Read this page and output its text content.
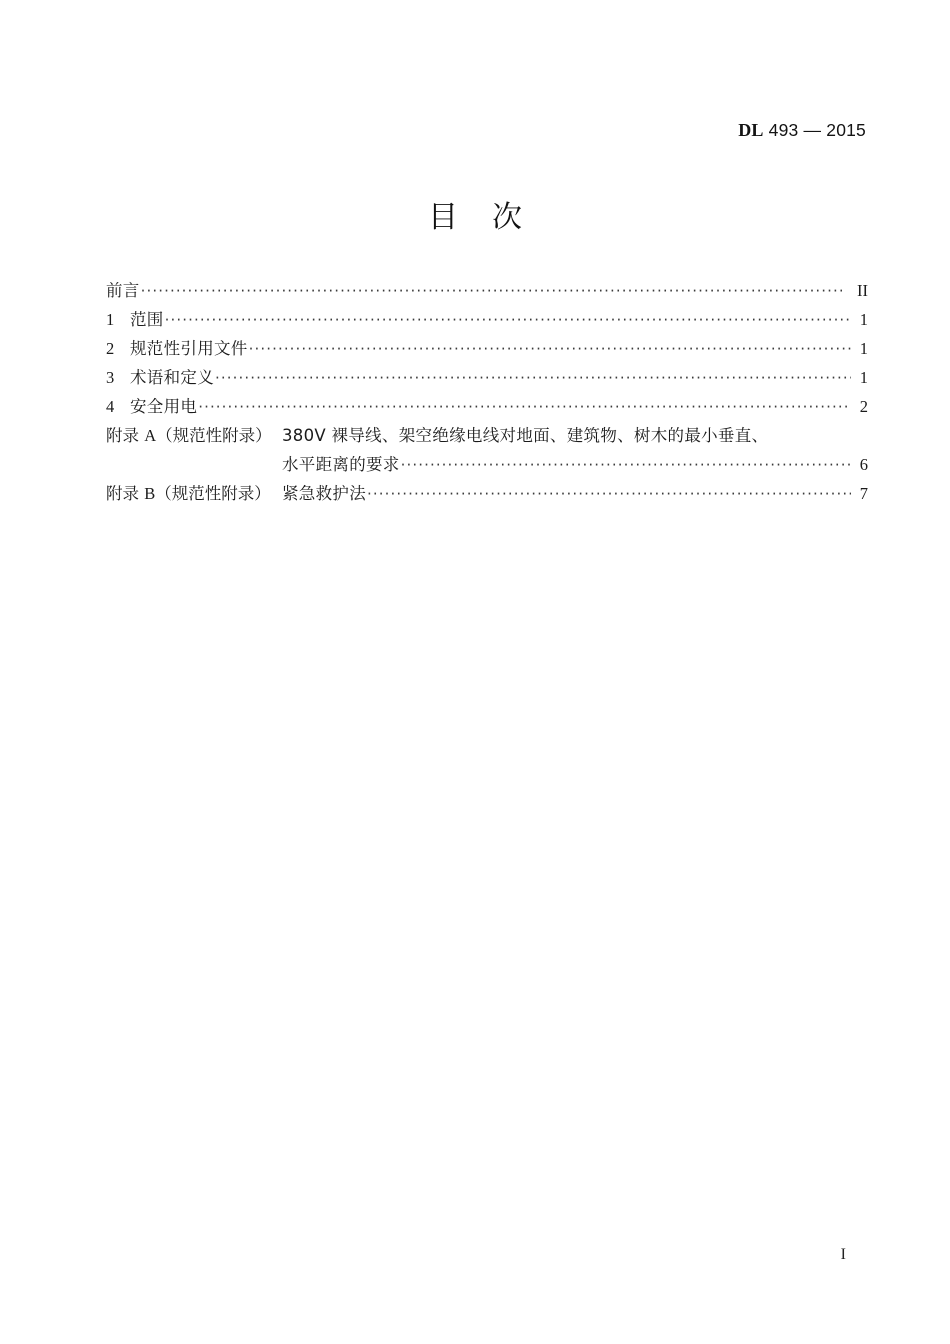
DL 493 — 2015
目 次
前言 ·····	II
1 范围 ·····	1
2 规范性引用文件 ·····	1
3 术语和定义 ·····	1
4 安全用电 ·····	2
附录 A（规范性附录） 380V 裸导线、架空绝缘电线对地面、建筑物、树木的最小垂直、
水平距离的要求 ·····	6
附录 B（规范性附录） 紧急救护法 ·····	7
I
